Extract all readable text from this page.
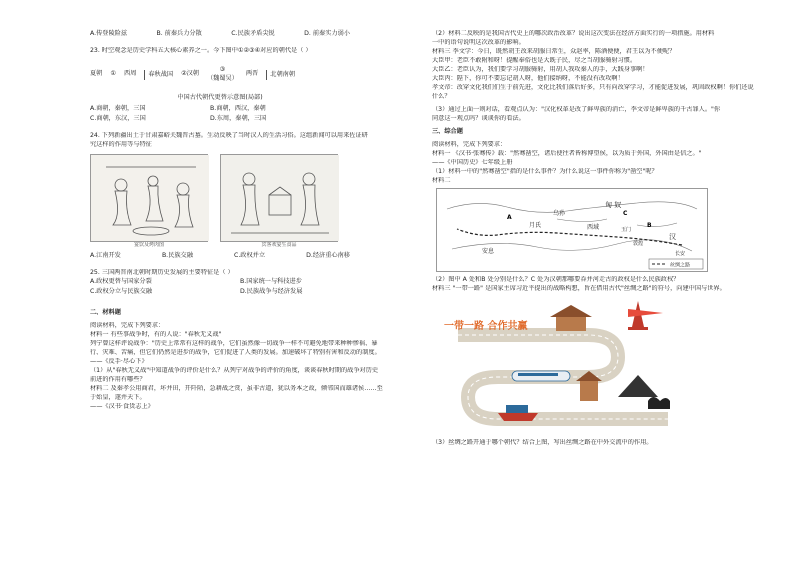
A.传登陵险兹	B. 前秦兵力分散	C.民族矛盾尖锐	D. 前秦实力弱小
23. 时空观念是历史学科五大核心素养之一。今下图中①②③④对应的朝代是（ ）
夏朝 ① 西周 春秋 战国 ②汉朝
③
（魏蜀吴）
两晋 北朝 南朝
中国古代朝代更替示意图(局部)
A.商朝，秦朝，三国	B.商朝，西汉，秦朝
C.商朝，东汉，三国	D.东周，秦朝，三国
24. 下列新疆出土于甘肃嘉峪关魏晋古墓。生动反映了当时汉人的生活习俗。这组新闻可以用来佐证研
究这样的作用等与特征
宴饮及烤肉图	宾客欢宴生食品
A.江南开发	B.民族交融	C.政权并立	D.经济重心南移
25. 三国两晋南北朝时期历史发展的主要特征是（ ）
A.政权更替与国家分裂	B.国家统一与科技进步
C.政权分立与民族交融	D.民族战争与经济发展
二、材料题
阅读材料，完成下列要求：
材料一 有些事战争时，有的人说："春秋无义战"
列宁曾这样评说战争："历史上常常有这样的战争，它们虽然像一切战争一样不可避免地带来种种惨祸、暴
行、灾难、苦痛，但它们仍然是进步的战争，它们促进了人类的发展。加速破坏了特别有害和反动的制度。
——《反手·尽心下》
（1）从"春秋无义战"中知道战争的评价是什么？从列宁对战争的评价的角度，谈谈春秋时期的战争对历史
前进的作用有哪些？
材料二 及秦孝公用商君，坏井田，开阡陌，急耕战之赏，虽非古道，犹以务本之故，倾邻国而雄诸侯……至
于始皇，遂并天下。
——《汉书·食货志上》
（2）材料二反映的是我国古代史上的哪次政治改革？说出这次变法在经济方面实行的一项措施。用材料
一中的语句说明这次改革的影响。
材料三 李文学：今日，既然胡王改来胡服日常生，众赵率，陈酒便便，君王以为不便呢？
大臣甲：老臣不敢附和呀！提醒奉俗也是大既子民，尽之当胡服骑射习惯。
大臣乙：老臣认为，我们要学习胡服骑射，用胡人我攻秦人的手，大践身事啊！
大臣丙：陛下，你可不要忘记胡人呀，他们接纳呀，不能没有改攻啊！
孝文帝：改穿文化我们们生于前先进，文化比我们落后好多，只有向改穿学习，才能促进发展，巩固政权啊！你们还说
什么？
（3）通过上面一则对话，看观点认为："汉化权革是改了鲜卑族的消亡，李文帝是鲜卑族的千古罪人。"你
同意这一观点吗？谈谈你的看法。
三、综合题
阅读材料，完成下列要求：
材料一 《汉书·张骞传》载："然骞凿空，诸后使往者皆称博望侯，以为质于外国，外国由是信之。"
——《中国历史》七年级上册
（1）材料一中的"然骞凿空"指的是什么事件？为什么说这一事件你称为"凿空"呢？
材料二
匈 奴
安息
月氏
乌孙
西域
汉
长安
敦煌
玉门
A
B
C
丝绸之路
（2）图中 A 处和B 处分别是什么？C 处为汉朝那哪要吞并河走古的政权是什么民族政权？
材料三 "一带一路" 是国家主席习近平提出的战略构想，旨在借用古代"丝绸之路"的符号，向建中国与世界。
一带一路 合作共赢
（3）丝绸之路开通于哪个朝代？结合上图，写出丝绸之路在中外交流中的作用。
